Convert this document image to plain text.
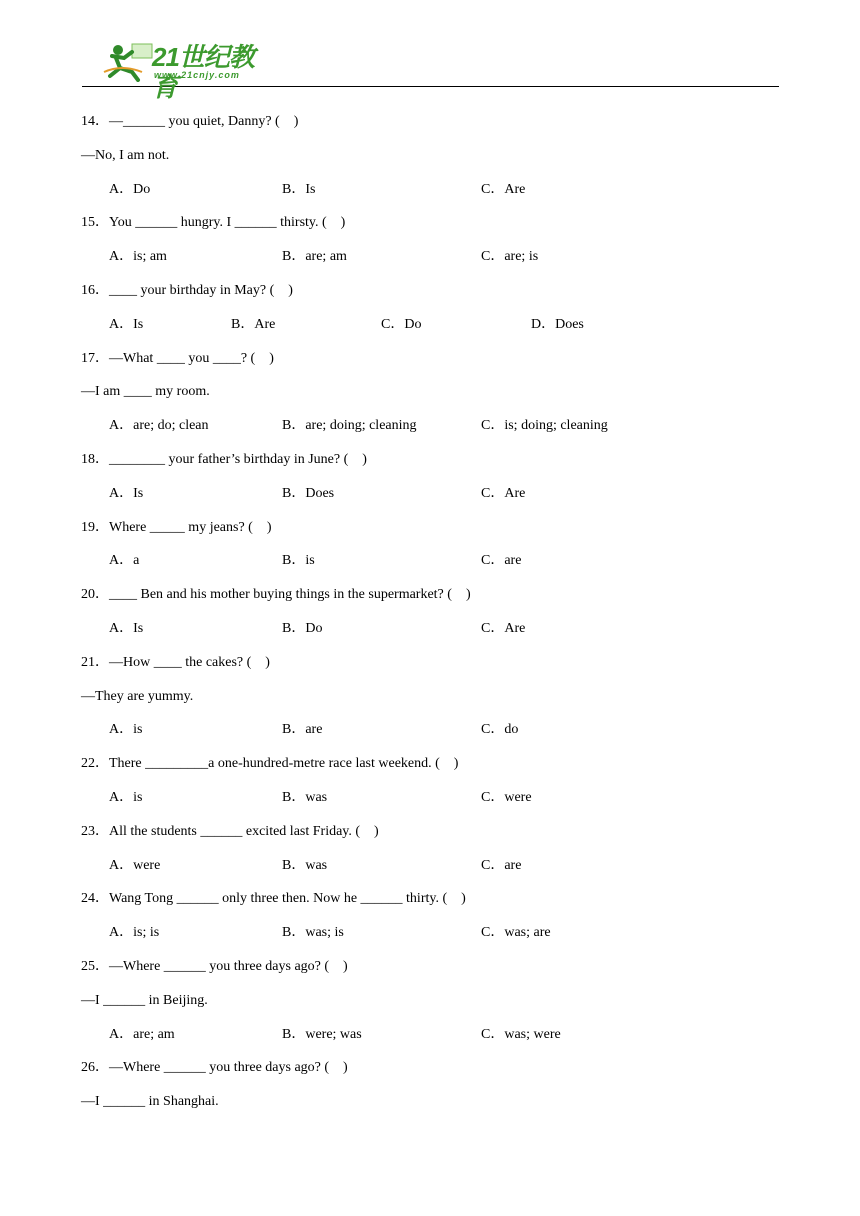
21世纪教育
www.21cnjy.com
14．—______ you quiet, Danny? (    )
—No, I am not.
A．Do	B．Is	C．Are
15．You ______ hungry. I ______ thirsty. (    )
A．is; am	B．are; am	C．are; is
16．____ your birthday in May? (    )
A．Is	B．Are	C．Do	D．Does
17．—What ____ you ____? (    )
—I am ____ my room.
A．are; do; clean	B．are; doing; cleaning	C．is; doing; cleaning
18．________ your father’s birthday in June? (    )
A．Is	B．Does	C．Are
19．Where _____ my jeans? (    )
A．a	B．is	C．are
20．____ Ben and his mother buying things in the supermarket? (    )
A．Is	B．Do	C．Are
21．—How ____ the cakes? (    )
—They are yummy.
A．is	B．are	C．do
22．There _________a one-hundred-metre race last weekend. (    )
A．is	B．was	C．were
23．All the students ______ excited last Friday. (    )
A．were	B．was	C．are
24．Wang Tong ______ only three then. Now he ______ thirty. (    )
A．is; is	B．was; is	C．was; are
25．—Where ______ you three days ago? (    )
—I ______ in Beijing.
A．are; am	B．were; was	C．was; were
26．—Where ______ you three days ago? (    )
—I ______ in Shanghai.
